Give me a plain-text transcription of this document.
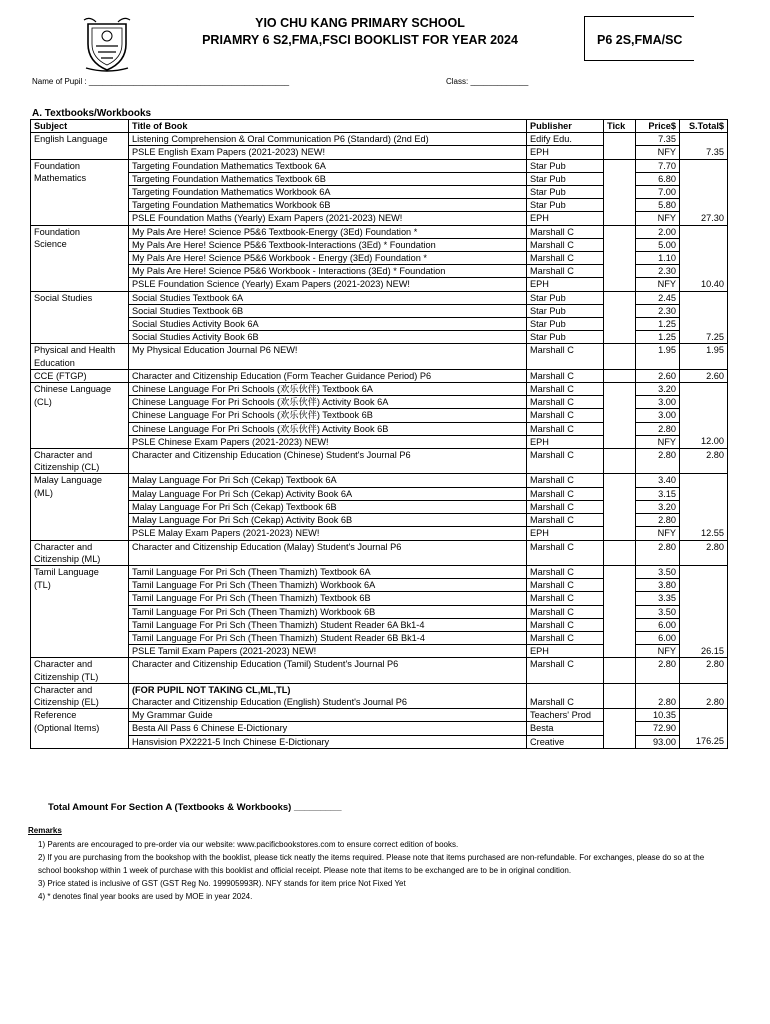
YIO CHU KANG PRIMARY SCHOOL
PRIAMRY 6 S2,FMA,FSCI BOOKLIST FOR YEAR 2024	P6 2S,FMA/SC
Name of Pupil : _____________________________________________	Class: _____________
A. Textbooks/Workbooks
Subject	Title of Book	Publisher	Tick	Price$	S.Total$
English Language	Listening Comprehension & Oral Communication P6 (Standard) (2nd Ed)	Edify Edu.		7.35	
	PSLE English Exam Papers (2021-2023) NEW!	EPH		NFY	7.35
Foundation	Targeting Foundation Mathematics Textbook 6A	Star Pub		7.70	
Mathematics	Targeting Foundation Mathematics Textbook 6B	Star Pub		6.80	
	Targeting Foundation Mathematics Workbook 6A	Star Pub		7.00	
	Targeting Foundation Mathematics Workbook 6B	Star Pub		5.80	
	PSLE Foundation Maths (Yearly) Exam Papers (2021-2023) NEW!	EPH		NFY	27.30
Foundation	My Pals Are Here! Science P5&6 Textbook-Energy (3Ed) Foundation *	Marshall C		2.00	
Science	My Pals Are Here! Science P5&6 Textbook-Interactions (3Ed) * Foundation	Marshall C		5.00	
	My Pals Are Here! Science P5&6 Workbook - Energy (3Ed) Foundation *	Marshall C		1.10	
	My Pals Are Here! Science P5&6 Workbook - Interactions (3Ed) * Foundation	Marshall C		2.30	
	PSLE Foundation Science (Yearly) Exam Papers (2021-2023) NEW!	EPH		NFY	10.40
Social Studies	Social Studies Textbook 6A	Star Pub		2.45	
	Social Studies Textbook 6B	Star Pub		2.30	
	Social Studies Activity Book 6A	Star Pub		1.25	
	Social Studies Activity Book 6B	Star Pub		1.25	7.25
Physical and Health Education	My Physical Education Journal P6 NEW!	Marshall C		1.95	1.95
CCE (FTGP)	Character and Citizenship Education (Form Teacher Guidance Period) P6	Marshall C		2.60	2.60
Chinese Language	Chinese Language For Pri Schools (欢乐伙伴) Textbook 6A	Marshall C		3.20	
(CL)	Chinese Language For Pri Schools (欢乐伙伴) Activity Book 6A	Marshall C		3.00	
	Chinese Language For Pri Schools (欢乐伙伴) Textbook 6B	Marshall C		3.00	
	Chinese Language For Pri Schools (欢乐伙伴) Activity Book 6B	Marshall C		2.80	
	PSLE Chinese Exam Papers (2021-2023) NEW!	EPH		NFY	12.00
Character and Citizenship (CL)	Character and Citizenship Education (Chinese) Student's Journal P6	Marshall C		2.80	2.80
Malay Language	Malay Language For Pri Sch (Cekap) Textbook 6A	Marshall C		3.40	
(ML)	Malay Language For Pri Sch (Cekap) Activity Book 6A	Marshall C		3.15	
	Malay Language For Pri Sch (Cekap) Textbook 6B	Marshall C		3.20	
	Malay Language For Pri Sch (Cekap) Activity Book 6B	Marshall C		2.80	
	PSLE Malay Exam Papers (2021-2023) NEW!	EPH		NFY	12.55
Character and Citizenship (ML)	Character and Citizenship Education (Malay) Student's Journal P6	Marshall C		2.80	2.80
Tamil Language	Tamil Language For Pri Sch (Theen Thamizh) Textbook 6A	Marshall C		3.50	
(TL)	Tamil Language For Pri Sch (Theen Thamizh) Workbook 6A	Marshall C		3.80	
	Tamil Language For Pri Sch (Theen Thamizh) Textbook 6B	Marshall C		3.35	
	Tamil Language For Pri Sch (Theen Thamizh) Workbook 6B	Marshall C		3.50	
	Tamil Language For Pri Sch (Theen Thamizh) Student Reader 6A Bk1-4	Marshall C		6.00	
	Tamil Language For Pri Sch (Theen Thamizh) Student Reader 6B Bk1-4	Marshall C		6.00	
	PSLE Tamil Exam Papers (2021-2023) NEW!	EPH		NFY	26.15
Character and Citizenship (TL)	Character and Citizenship Education (Tamil) Student's Journal P6	Marshall C		2.80	2.80
Character and Citizenship (EL)	(FOR PUPIL NOT TAKING CL,ML,TL)
Character and Citizenship Education (English) Student's Journal P6	Marshall C		2.80	2.80

Reference	My Grammar Guide	Teachers' Prod		10.35	
(Optional Items)	Besta All Pass 6 Chinese E-Dictionary	Besta		72.90	
	Hansvision PX2221-5 Inch Chinese E-Dictionary	Creative		93.00	176.25
Total Amount For Section A (Textbooks & Workbooks) _________
Remarks
1) Parents are encouraged to pre-order via our website: www.pacificbookstores.com to ensure correct edition of books.
2) If you are purchasing from the bookshop with the booklist, please tick neatly the items required. Please note that items purchased are non-refundable. For exchanges, please do so at the school bookshop within 1 week of purchase with this booklist and official receipt. Please note that items to be exchanged are to be in original condition.
3) Price stated is inclusive of GST (GST Reg No. 199905993R). NFY stands for item price Not Fixed Yet
4) * denotes final year books are used by MOE in year 2024.
